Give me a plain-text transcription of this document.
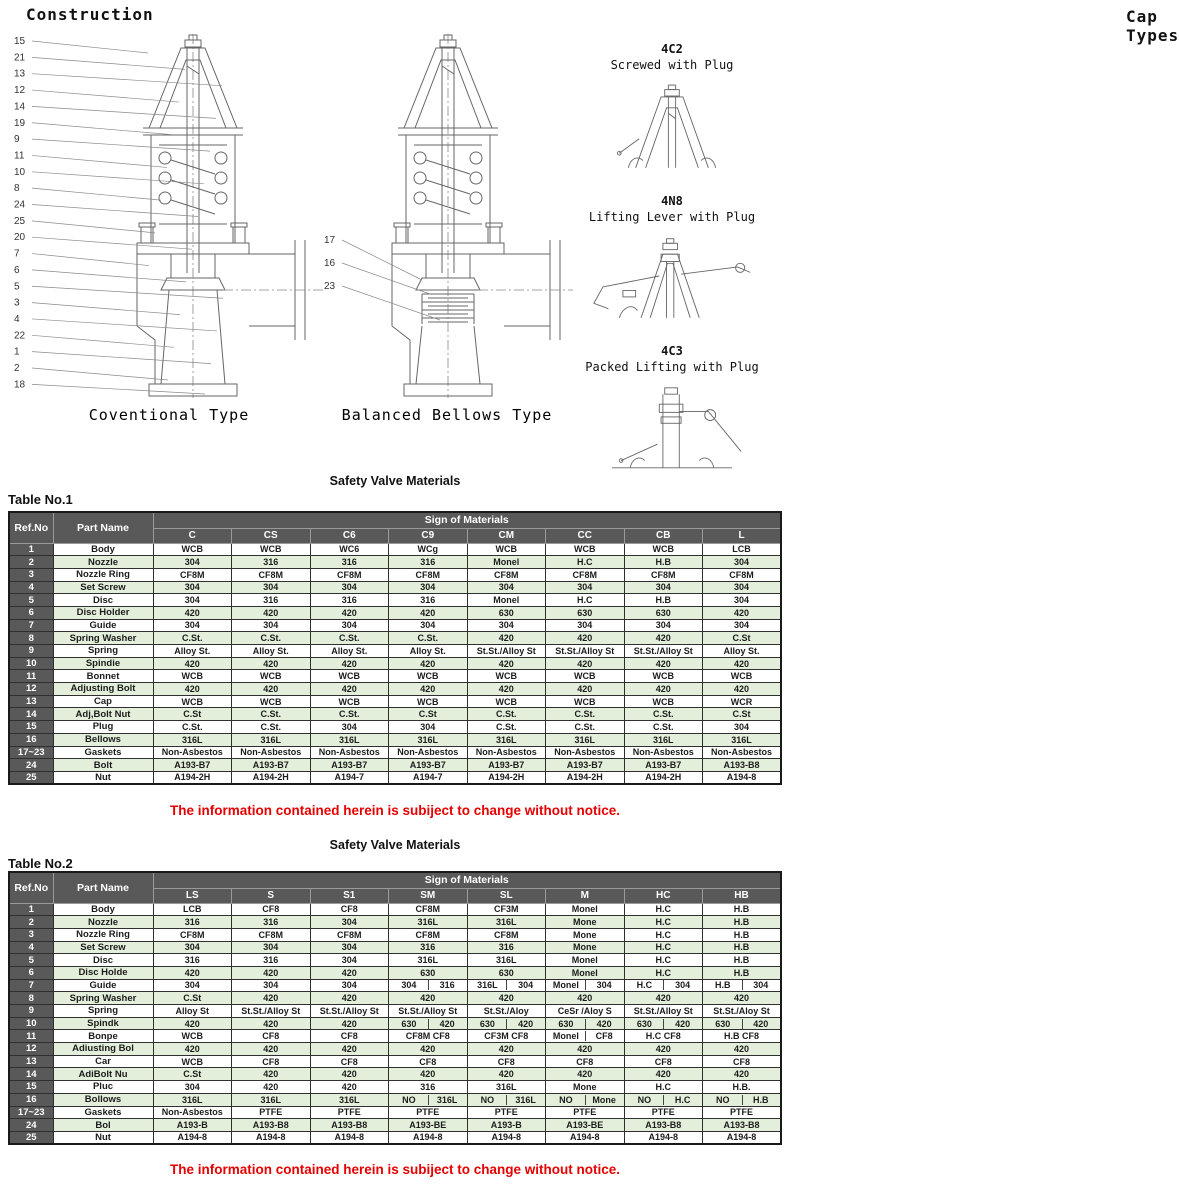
Construction
15
21
13
12
14
19
9
11
10
8
24
25
20
7
6
5
3
4
22
1
2
18
Coventional Type
17
16
23
Balanced Bellows Type
Cap Types
4C2
Screwed with Plug
4N8
Lifting Lever with Plug
4C3
Packed Lifting with Plug
Safety Valve Materials
Table No.1
Ref.No	Part Name	Sign of Materials							
		C	CS	C6	C9	CM	CC	CB	L
1	Body	WCB	WCB	WC6	WCg	WCB	WCB	WCB	LCB
2	Nozzle	304	316	316	316	Monel	H.C	H.B	304
3	Nozzle Ring	CF8M	CF8M	CF8M	CF8M	CF8M	CF8M	CF8M	CF8M
4	Set Screw	304	304	304	304	304	304	304	304
5	Disc	304	316	316	316	Monel	H.C	H.B	304
6	Disc Holder	420	420	420	420	630	630	630	420
7	Guide	304	304	304	304	304	304	304	304
8	Spring Washer	C.St.	C.St.	C.St.	C.St.	420	420	420	C.St
9	Spring	Alloy St.	Alloy St.	Alloy St.	Alloy St.	St.St./Alloy St	St.St./Alloy St	St.St./Alloy St	Alloy St.
10	Spindie	420	420	420	420	420	420	420	420
11	Bonnet	WCB	WCB	WCB	WCB	WCB	WCB	WCB	WCB
12	Adjusting Bolt	420	420	420	420	420	420	420	420
13	Cap	WCB	WCB	WCB	WCB	WCB	WCB	WCB	WCR
14	Adj,Bolt Nut	C.St	C.St.	C.St.	C.St	C.St.	C.St.	C.St.	C.St
15	Plug	C.St.	C.St.	304	304	C.St.	C.St.	C.St.	304
16	Bellows	316L	316L	316L	316L	316L	316L	316L	316L
17~23	Gaskets	Non-Asbestos	Non-Asbestos	Non-Asbestos	Non-Asbestos	Non-Asbestos	Non-Asbestos	Non-Asbestos	Non-Asbestos
24	Bolt	A193-B7	A193-B7	A193-B7	A193-B7	A193-B7	A193-B7	A193-B7	A193-B8
25	Nut	A194-2H	A194-2H	A194-7	A194-7	A194-2H	A194-2H	A194-2H	A194-8
The information contained herein is subiject to change without notice.
Safety Valve Materials
Table No.2
Ref.No	Part Name	Sign of Materials							
		LS	S	S1	SM	SL	M	HC	HB
1	Body	LCB	CF8	CF8	CF8M	CF3M	Monel	H.C	H.B
2	Nozzle	316	316	304	316L	316L	Mone	H.C	H.B
3	Nozzle Ring	CF8M	CF8M	CF8M	CF8M	CF8M	Mone	H.C	H.B
4	Set Screw	304	304	304	316	316	Mone	H.C	H.B
5	Disc	316	316	304	316L	316L	Monel	H.C	H.B
6	Disc Holde	420	420	420	630	630	Monel	H.C	H.B
7	Guide	304	304	304	304 316	316L 304	Monel 304	H.C 304	H.B 304

8	Spring Washer	C.St	420	420	420	420	420	420	420
9	Spring	Alloy St	St.St./Alloy St	St.St./Alloy St	St.St./Alloy St	St.St./Aloy	CeSr /Aloy S	St.St./Alloy St	St.St./Aloy St
10	Spindk	420	420	420	630 420	630 420	630 420	630 420	630 420

11	Bonpe	WCB	CF8	CF8	CF8M CF8	CF3M CF8	Monel CF8	H.C CF8	H.B CF8
12	Adiusting Bol	420	420	420	420	420	420	420	420
13	Car	WCB	CF8	CF8	CF8	CF8	CF8	CF8	CF8
14	AdiBolt Nu	C.St	420	420	420	420	420	420	420
15	Pluc	304	420	420	316	316L	Mone	H.C	H.B.
16	Bollows	316L	316L	316L	NO 316L	NO 316L	NO Mone	NO H.C	NO H.B

17~23	Gaskets	Non-Asbestos	PTFE	PTFE	PTFE	PTFE	PTFE	PTFE	PTFE
24	Bol	A193-B	A193-B8	A193-B8	A193-BE	A193-B	A193-BE	A193-B8	A193-B8
25	Nut	A194-8	A194-8	A194-8	A194-8	A194-8	A194-8	A194-8	A194-8
The information contained herein is subiject to change without notice.
